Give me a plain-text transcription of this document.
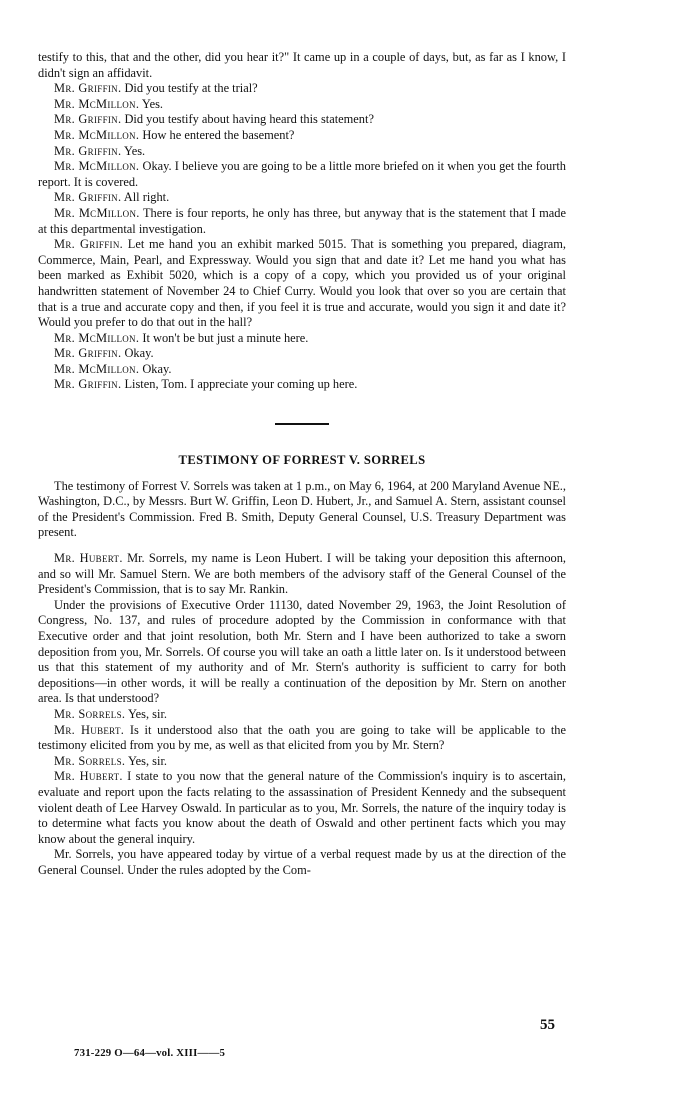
testify to this, that and the other, did you hear it?" It came up in a couple of days, but, as far as I know, I didn't sign an affidavit.

Mr. Griffin. Did you testify at the trial?

Mr. McMillon. Yes.

Mr. Griffin. Did you testify about having heard this statement?

Mr. McMillon. How he entered the basement?

Mr. Griffin. Yes.

Mr. McMillon. Okay. I believe you are going to be a little more briefed on it when you get the fourth report. It is covered.

Mr. Griffin. All right.

Mr. McMillon. There is four reports, he only has three, but anyway that is the statement that I made at this departmental investigation.

Mr. Griffin. Let me hand you an exhibit marked 5015. That is something you prepared, diagram, Commerce, Main, Pearl, and Expressway. Would you sign that and date it? Let me hand you what has been marked as Exhibit 5020, which is a copy of a copy, which you provided us of your original handwritten statement of November 24 to Chief Curry. Would you look that over so you are certain that that is a true and accurate copy and then, if you feel it is true and accurate, would you sign it and date it? Would you prefer to do that out in the hall?

Mr. McMillon. It won't be but just a minute here.

Mr. Griffin. Okay.

Mr. McMillon. Okay.

Mr. Griffin. Listen, Tom. I appreciate your coming up here.

TESTIMONY OF FORREST V. SORRELS

The testimony of Forrest V. Sorrels was taken at 1 p.m., on May 6, 1964, at 200 Maryland Avenue NE., Washington, D.C., by Messrs. Burt W. Griffin, Leon D. Hubert, Jr., and Samuel A. Stern, assistant counsel of the President's Commission. Fred B. Smith, Deputy General Counsel, U.S. Treasury Department was present.

Mr. Hubert. Mr. Sorrels, my name is Leon Hubert. I will be taking your deposition this afternoon, and so will Mr. Samuel Stern. We are both members of the advisory staff of the General Counsel of the President's Commission, that is to say Mr. Rankin.

Under the provisions of Executive Order 11130, dated November 29, 1963, the Joint Resolution of Congress, No. 137, and rules of procedure adopted by the Commission in conformance with that Executive order and that joint resolution, both Mr. Stern and I have been authorized to take a sworn deposition from you, Mr. Sorrels. Of course you will take an oath a little later on. Is it understood between us that this statement of my authority and of Mr. Stern's authority is sufficient to carry for both depositions—in other words, it will be really a continuation of the deposition by Mr. Stern on another area. Is that understood?

Mr. Sorrels. Yes, sir.

Mr. Hubert. Is it understood also that the oath you are going to take will be applicable to the testimony elicited from you by me, as well as that elicited from you by Mr. Stern?

Mr. Sorrels. Yes, sir.

Mr. Hubert. I state to you now that the general nature of the Commission's inquiry is to ascertain, evaluate and report upon the facts relating to the assassination of President Kennedy and the subsequent violent death of Lee Harvey Oswald. In particular as to you, Mr. Sorrels, the nature of the inquiry today is to determine what facts you know about the death of Oswald and other pertinent facts which you may know about the general inquiry.

Mr. Sorrels, you have appeared today by virtue of a verbal request made by us at the direction of the General Counsel. Under the rules adopted by the Com-

55
731-229 O—64—vol. XIII——5
